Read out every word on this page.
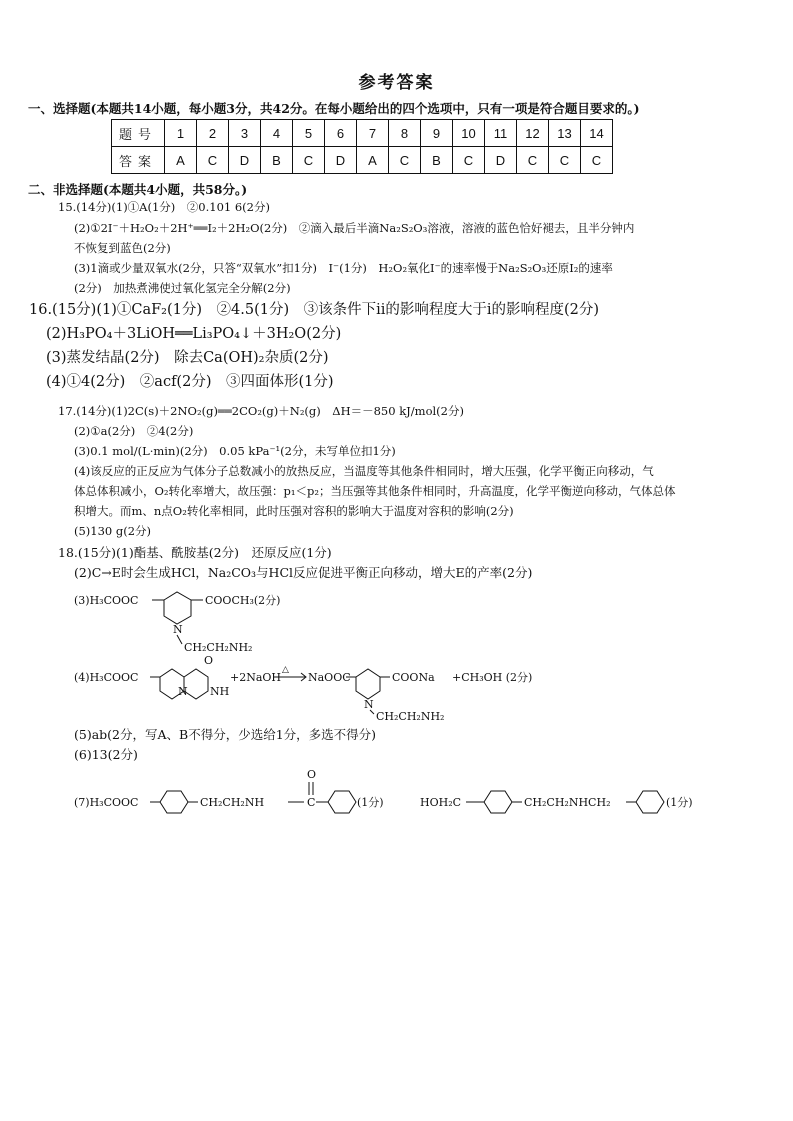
参考答案
一、选择题(本题共14小题，每小题3分，共42分。在每小题给出的四个选项中，只有一项是符合题目要求的。)
题号	1	2	3	4	5	6	7	8	9	10	11	12	13	14
答案	A	C	D	B	C	D	A	C	B	C	D	C	C	C
二、非选择题(本题共4小题，共58分。)
15.(14分)(1)①A(1分)　②0.101 6(2分)
(2)①2I⁻＋H₂O₂＋2H⁺══I₂＋2H₂O(2分)　②滴入最后半滴Na₂S₂O₃溶液，溶液的蓝色恰好褪去，且半分钟内
不恢复到蓝色(2分)
(3)1滴或少量双氧水(2分，只答“双氧水”扣1分)　I⁻(1分)　H₂O₂氧化I⁻的速率慢于Na₂S₂O₃还原I₂的速率
(2分)　加热煮沸使过氧化氢完全分解(2分)
16.(15分)(1)①CaF₂(1分)　②4.5(1分)　③该条件下ⅱ的影响程度大于ⅰ的影响程度(2分)
(2)H₃PO₄＋3LiOH══Li₃PO₄↓＋3H₂O(2分)
(3)蒸发结晶(2分)　除去Ca(OH)₂杂质(2分)
(4)①4(2分)　②acf(2分)　③四面体形(1分)
17.(14分)(1)2C(s)＋2NO₂(g)══2CO₂(g)＋N₂(g)　ΔH＝－850 kJ/mol(2分)
(2)①a(2分)　②4(2分)
(3)0.1 mol/(L·min)(2分)　0.05 kPa⁻¹(2分，未写单位扣1分)
(4)该反应的正反应为气体分子总数减小的放热反应，当温度等其他条件相同时，增大压强，化学平衡正向移动，气
体总体积减小，O₂转化率增大，故压强：p₁＜p₂；当压强等其他条件相同时，升高温度，化学平衡逆向移动，气体总体
积增大。而m、n点O₂转化率相同，此时压强对容积的影响大于温度对容积的影响(2分)
(5)130 g(2分)
18.(15分)(1)酯基、酰胺基(2分)　还原反应(1分)
(2)C→E时会生成HCl，Na₂CO₃与HCl反应促进平衡正向移动，增大E的产率(2分)
(3)H₃COOC	COOCH₃(2分)
N
CH₂CH₂NH₂
(4)H₃COOC
O
N NH
+2NaOH
△
NaOOC	COONa +CH₃OH (2分)
N
CH₂CH₂NH₂
(5)ab(2分，写A、B不得分，少选给1分，多选不得分)
(6)13(2分)
(7)H₃COOC	CH₂CH₂NH	C
O
(1分)	HOH₂C	CH₂CH₂NHCH₂	(1分)
